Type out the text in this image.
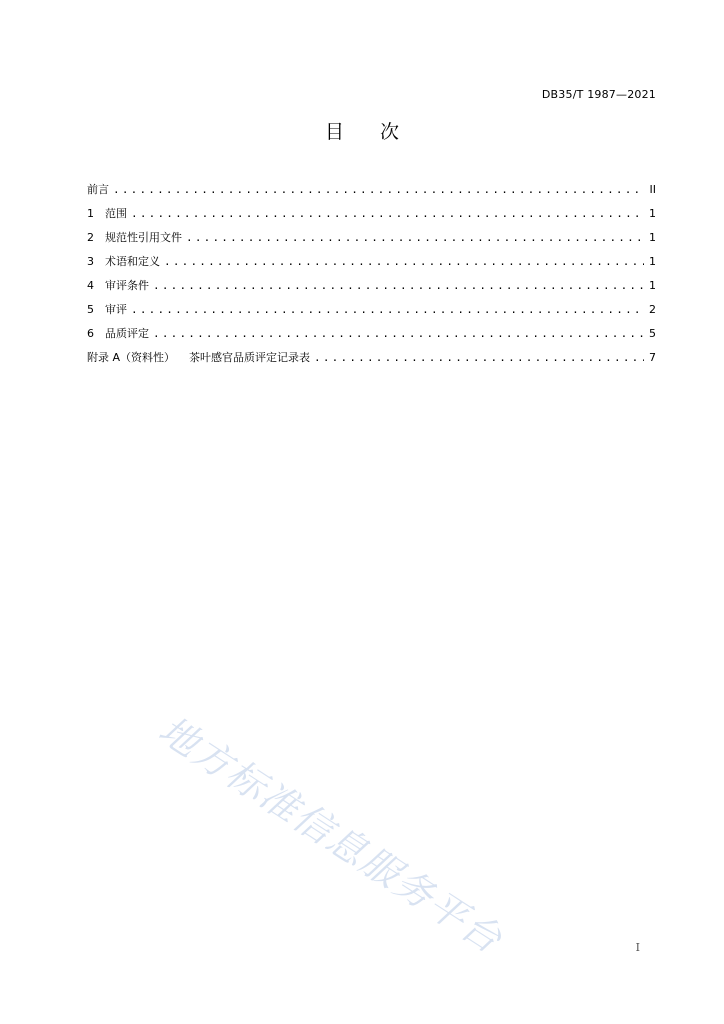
DB35/T 1987—2021
目 次
前言 .....	II
1	范围 .....	1
2	规范性引用文件 .....	1
3	术语和定义 .....	1
4	审评条件 .....	1
5	审评 .....	2
6	品质评定 .....	5
附录 A（资料性） 茶叶感官品质评定记录表 .....	7
地方标准信息服务平台	I
